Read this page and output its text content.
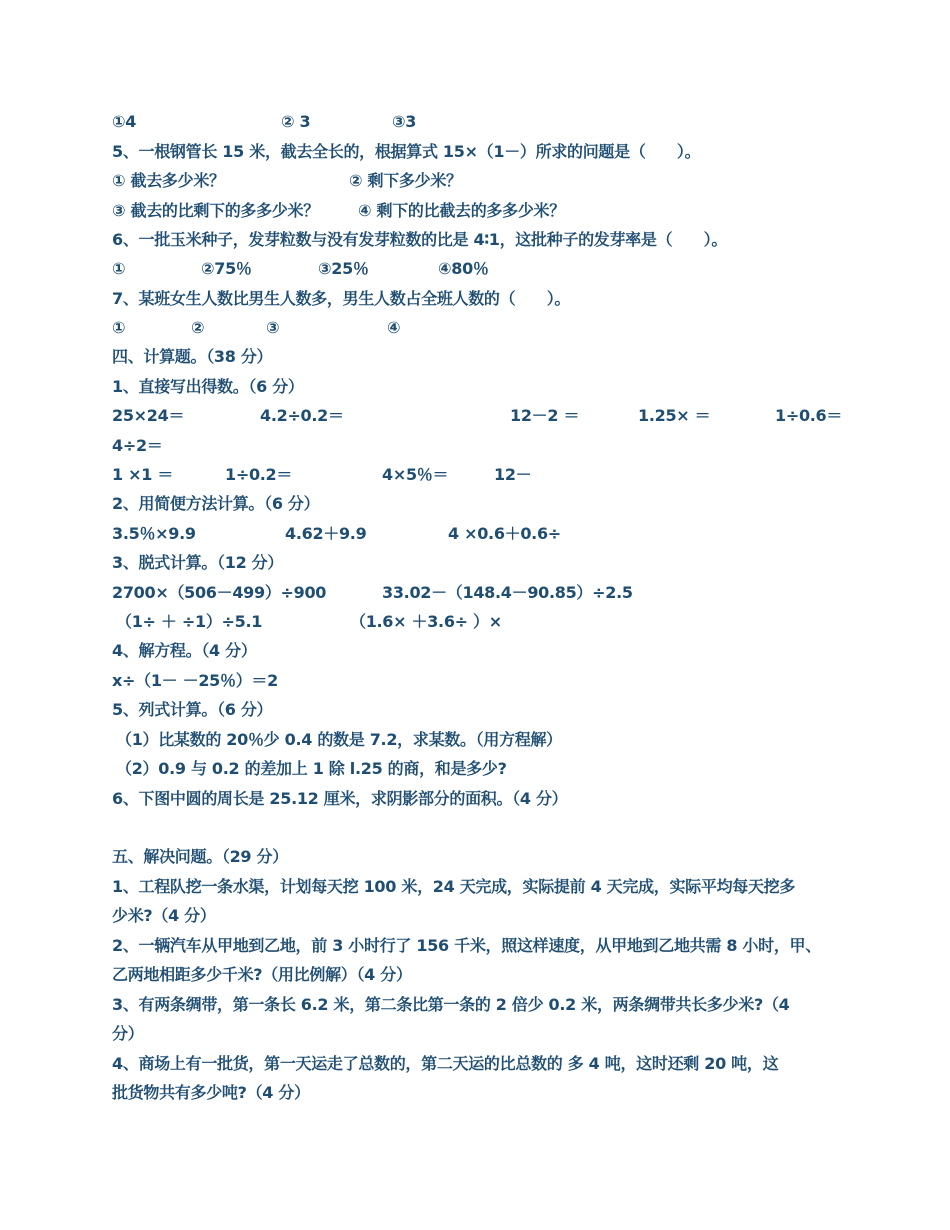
①4	② 3	③3
5、一根钢管长 15 米，截去全长的，根据算式 15×（1－）所求的问题是（　　）。
① 截去多少米？	② 剩下多少米？
③ 截去的比剩下的多多少米？ ④ 剩下的比截去的多多少米？
6、一批玉米种子，发芽粒数与没有发芽粒数的比是 4∶1，这批种子的发芽率是（　　）。
①	②75％	③25％	④80％
7、某班女生人数比男生人数多，男生人数占全班人数的（　　）。
①	②	③	④
四、计算题。（38 分）
1、直接写出得数。（6 分）
25×24＝	4.2÷0.2＝	12－2 ＝	1.25× ＝	1÷0.6＝
4÷2＝
1 ×1 ＝	1÷0.2＝	4×5％＝	12－
2、用简便方法计算。（6 分）
3.5％×9.9	4.62＋9.9	4 ×0.6＋0.6÷
3、脱式计算。（12 分）
2700×（506－499）÷900	33.02－（148.4－90.85）÷2.5
（1÷ ＋ ÷1）÷5.1	（1.6× ＋3.6÷ ）×
4、解方程。（4 分）
x÷（1－ －25％）＝2
5、列式计算。（6 分）
（1）比某数的 20％少 0.4 的数是 7.2，求某数。（用方程解）
（2）0.9 与 0.2 的差加上 1 除 l.25 的商，和是多少?
6、下图中圆的周长是 25.12 厘米，求阴影部分的面积。（4 分）
五、解决问题。（29 分）
1、工程队挖一条水渠，计划每天挖 100 米，24 天完成，实际提前 4 天完成，实际平均每天挖多
少米?（4 分）
2、一辆汽车从甲地到乙地，前 3 小时行了 156 千米，照这样速度，从甲地到乙地共需 8 小时，甲、
乙两地相距多少千米?（用比例解）（4 分）
3、有两条绸带，第一条长 6.2 米，第二条比第一条的 2 倍少 0.2 米，两条绸带共长多少米?（4
分）
4、商场上有一批货，第一天运走了总数的，第二天运的比总数的 多 4 吨，这时还剩 20 吨，这
批货物共有多少吨?（4 分）
